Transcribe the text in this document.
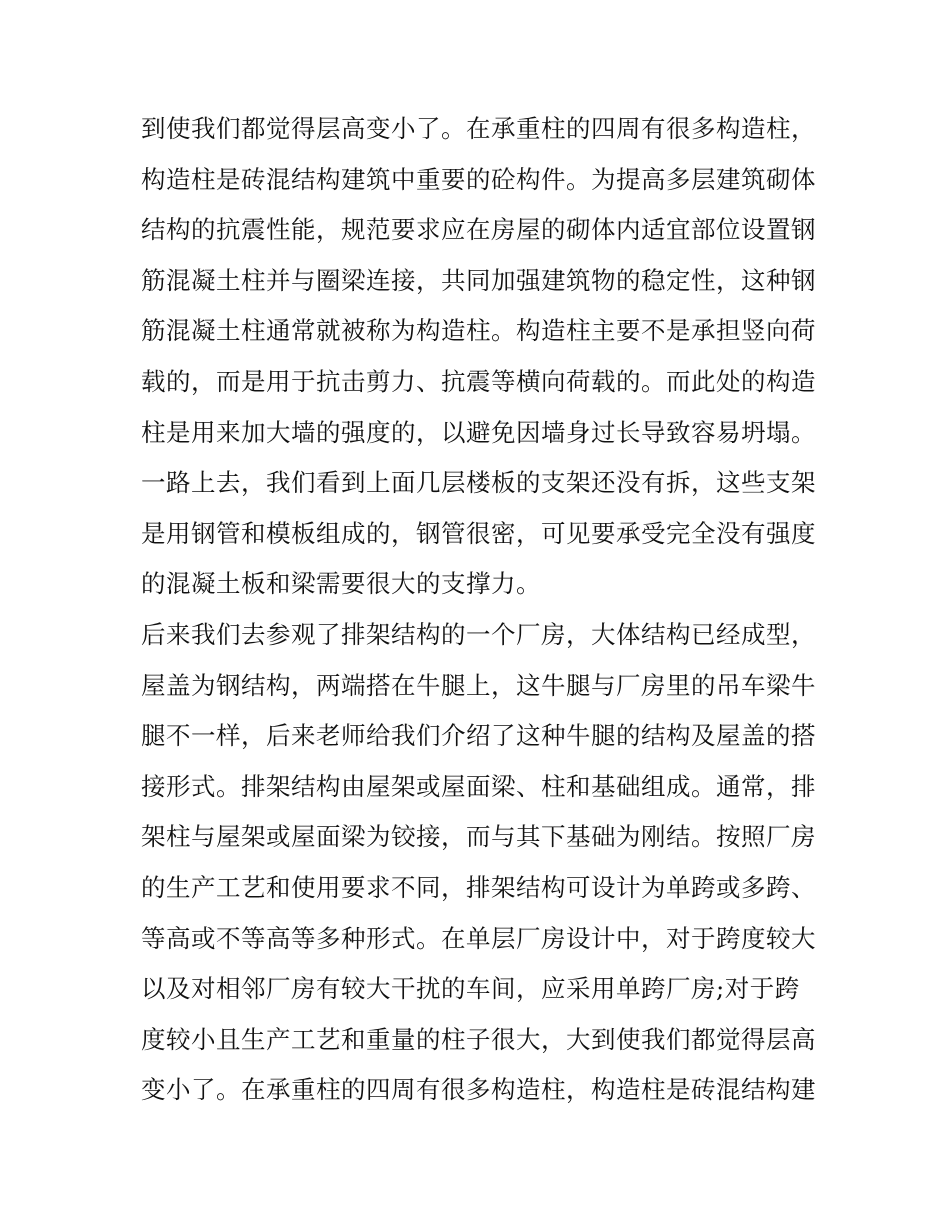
到使我们都觉得层高变小了。在承重柱的四周有很多构造柱，
构造柱是砖混结构建筑中重要的砼构件。为提高多层建筑砌体
结构的抗震性能，规范要求应在房屋的砌体内适宜部位设置钢
筋混凝土柱并与圈梁连接，共同加强建筑物的稳定性，这种钢
筋混凝土柱通常就被称为构造柱。构造柱主要不是承担竖向荷
载的，而是用于抗击剪力、抗震等横向荷载的。而此处的构造
柱是用来加大墙的强度的，以避免因墙身过长导致容易坍塌。
一路上去，我们看到上面几层楼板的支架还没有拆，这些支架
是用钢管和模板组成的，钢管很密，可见要承受完全没有强度
的混凝土板和梁需要很大的支撑力。
后来我们去参观了排架结构的一个厂房，大体结构已经成型，
屋盖为钢结构，两端搭在牛腿上，这牛腿与厂房里的吊车梁牛
腿不一样，后来老师给我们介绍了这种牛腿的结构及屋盖的搭
接形式。排架结构由屋架或屋面梁、柱和基础组成。通常，排
架柱与屋架或屋面梁为铰接，而与其下基础为刚结。按照厂房
的生产工艺和使用要求不同，排架结构可设计为单跨或多跨、
等高或不等高等多种形式。在单层厂房设计中，对于跨度较大
以及对相邻厂房有较大干扰的车间，应采用单跨厂房;对于跨
度较小且生产工艺和重量的柱子很大，大到使我们都觉得层高
变小了。在承重柱的四周有很多构造柱，构造柱是砖混结构建
